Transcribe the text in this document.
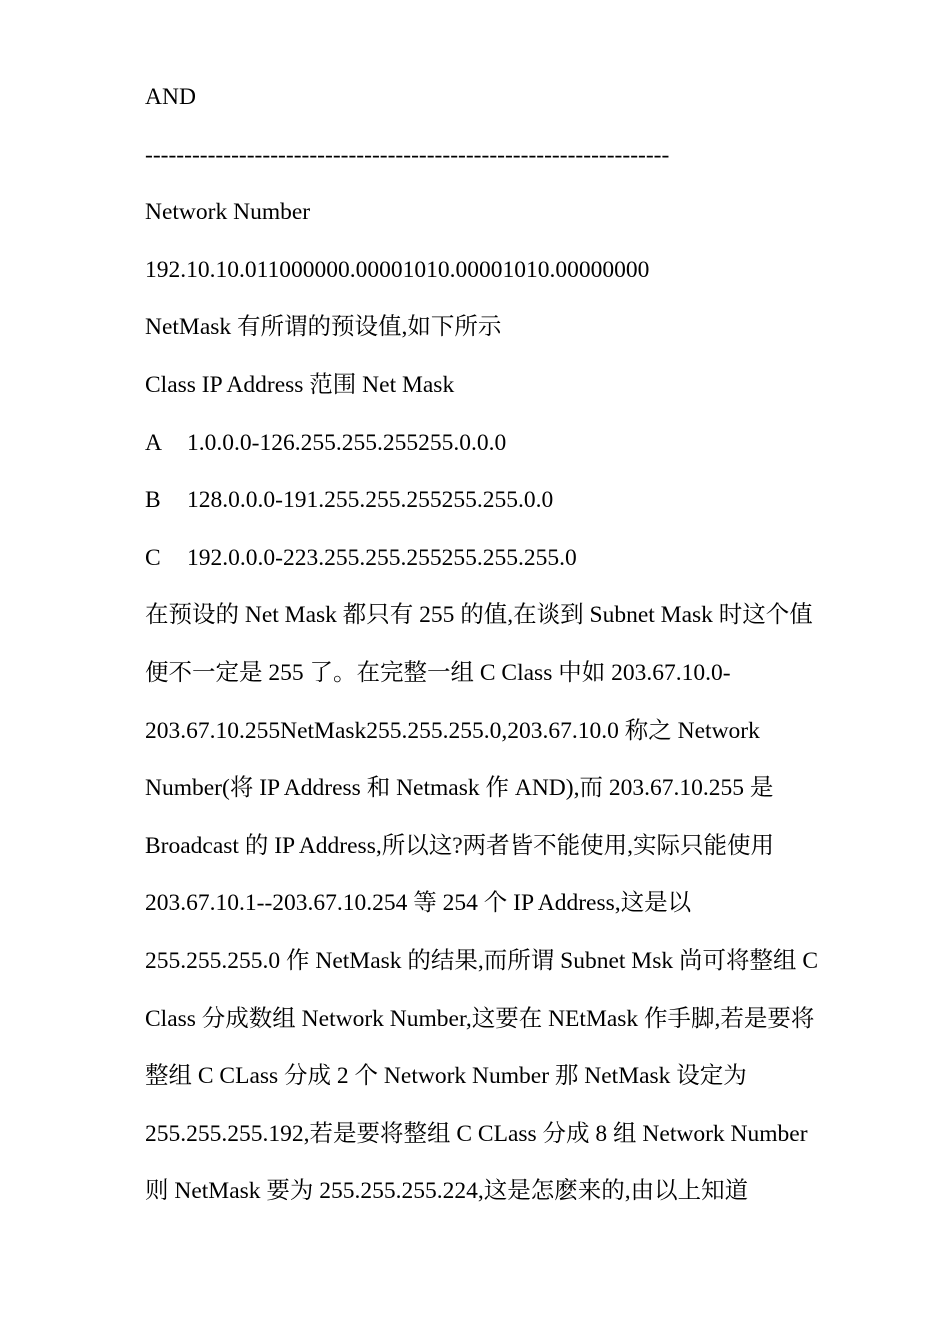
AND
-------------------------------------------------------------------
Network Number
192.10.10.011000000.00001010.00001010.00000000
NetMask 有所谓的预设值,如下所示
Class IP Address 范围 Net Mask
A 1.0.0.0-126.255.255.255255.0.0.0
B 128.0.0.0-191.255.255.255255.255.0.0
C 192.0.0.0-223.255.255.255255.255.255.0
在预设的 Net Mask 都只有 255 的值,在谈到 Subnet Mask 时这个值
便不一定是 255 了。在完整一组 C Class 中如 203.67.10.0-
203.67.10.255NetMask255.255.255.0,203.67.10.0 称之 Network
Number(将 IP Address 和 Netmask 作 AND),而 203.67.10.255 是
Broadcast 的 IP Address,所以这?两者皆不能使用,实际只能使用
203.67.10.1--203.67.10.254 等 254 个 IP Address,这是以
255.255.255.0 作 NetMask 的结果,而所谓 Subnet Msk 尚可将整组 C
Class 分成数组 Network Number,这要在 NEtMask 作手脚,若是要将
整组 C CLass 分成 2 个 Network Number 那 NetMask 设定为
255.255.255.192,若是要将整组 C CLass 分成 8 组 Network Number
则 NetMask 要为 255.255.255.224,这是怎麽来的,由以上知道
